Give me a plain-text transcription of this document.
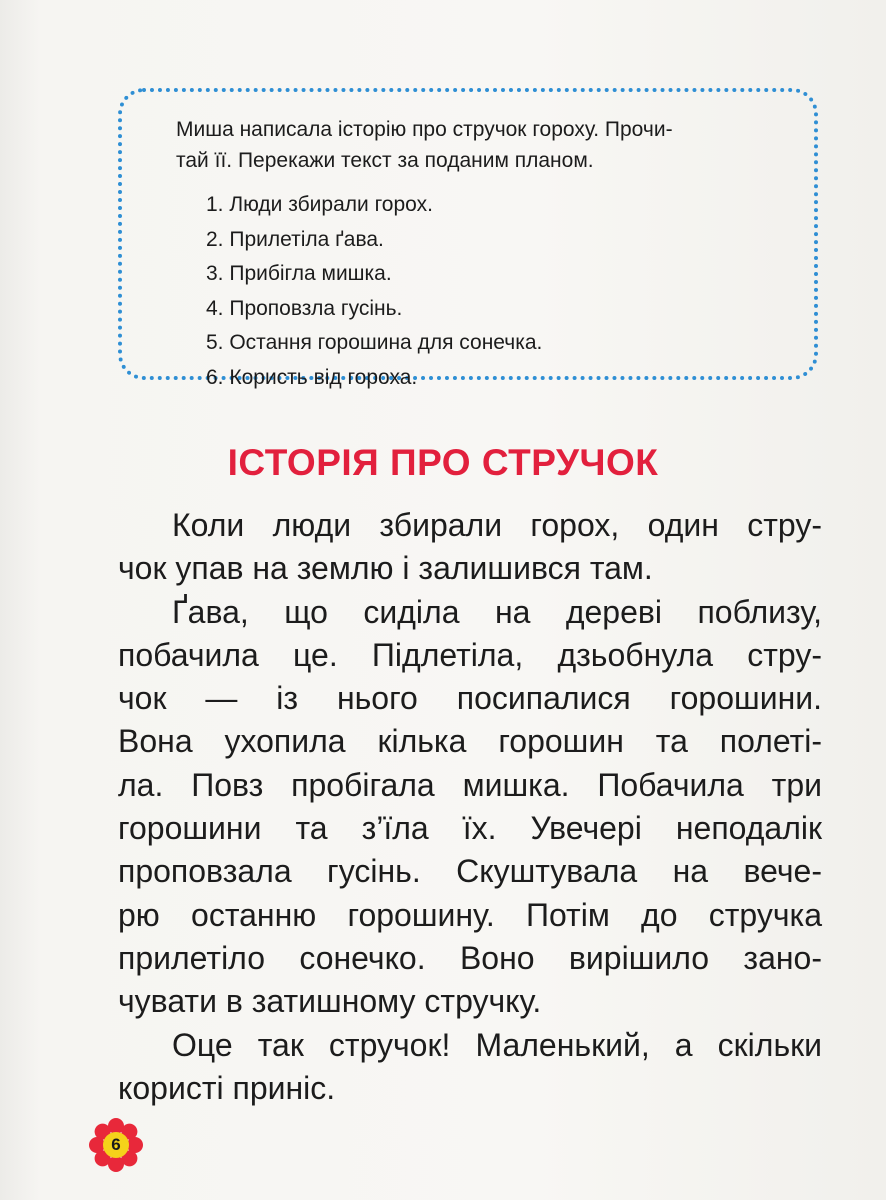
Миша написала історію про стручок гороху. Прочи-
тай її. Перекажи текст за поданим планом.

1. Люди збирали горох.
2. Прилетіла ґава.
3. Прибігла мишка.
4. Проповзла гусінь.
5. Остання горошина для сонечка.
6. Користь від гороха.
ІСТОРІЯ ПРО СТРУЧОК
Коли люди збирали горох, один стру-
чок упав на землю і залишився там.
Ґава, що сиділа на дереві поблизу,
побачила це. Підлетіла, дзьобнула стру-
чок — із нього посипалися горошини.
Вона ухопила кілька горошин та полеті-
ла. Повз пробігала мишка. Побачила три
горошини та з’їла їх. Увечері неподалік
проповзала гусінь. Скуштувала на вече-
рю останню горошину. Потім до стручка
прилетіло сонечко. Воно вирішило зано-
чувати в затишному стручку.
Оце так стручок! Маленький, а скільки
користі приніс.
6
